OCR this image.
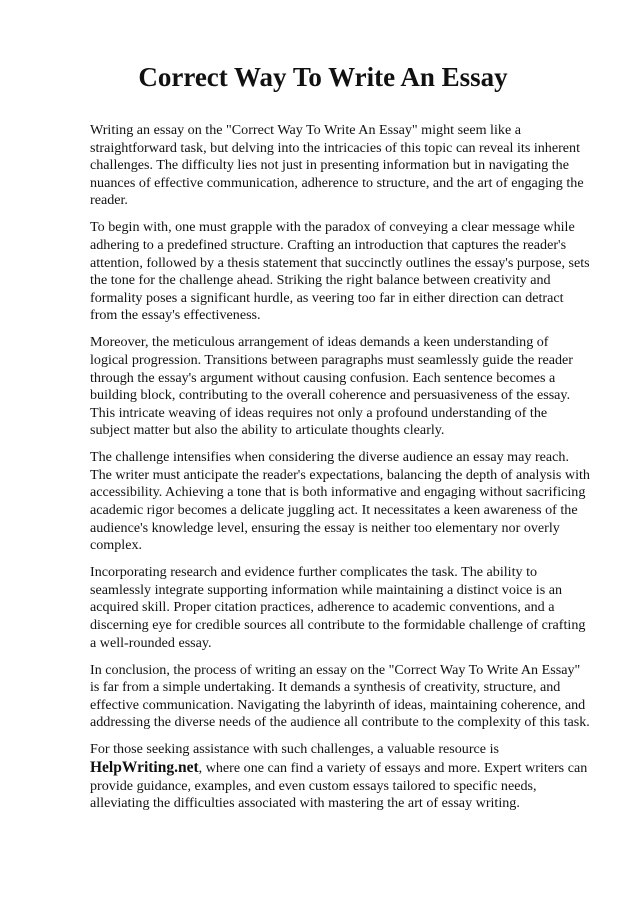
Correct Way To Write An Essay

Writing an essay on the "Correct Way To Write An Essay" might seem like a straightforward task, but delving into the intricacies of this topic can reveal its inherent challenges. The difficulty lies not just in presenting information but in navigating the nuances of effective communication, adherence to structure, and the art of engaging the reader.

To begin with, one must grapple with the paradox of conveying a clear message while adhering to a predefined structure. Crafting an introduction that captures the reader's attention, followed by a thesis statement that succinctly outlines the essay's purpose, sets the tone for the challenge ahead. Striking the right balance between creativity and formality poses a significant hurdle, as veering too far in either direction can detract from the essay's effectiveness.

Moreover, the meticulous arrangement of ideas demands a keen understanding of logical progression. Transitions between paragraphs must seamlessly guide the reader through the essay's argument without causing confusion. Each sentence becomes a building block, contributing to the overall coherence and persuasiveness of the essay. This intricate weaving of ideas requires not only a profound understanding of the subject matter but also the ability to articulate thoughts clearly.

The challenge intensifies when considering the diverse audience an essay may reach. The writer must anticipate the reader's expectations, balancing the depth of analysis with accessibility. Achieving a tone that is both informative and engaging without sacrificing academic rigor becomes a delicate juggling act. It necessitates a keen awareness of the audience's knowledge level, ensuring the essay is neither too elementary nor overly complex.

Incorporating research and evidence further complicates the task. The ability to seamlessly integrate supporting information while maintaining a distinct voice is an acquired skill. Proper citation practices, adherence to academic conventions, and a discerning eye for credible sources all contribute to the formidable challenge of crafting a well-rounded essay.

In conclusion, the process of writing an essay on the "Correct Way To Write An Essay" is far from a simple undertaking. It demands a synthesis of creativity, structure, and effective communication. Navigating the labyrinth of ideas, maintaining coherence, and addressing the diverse needs of the audience all contribute to the complexity of this task.

For those seeking assistance with such challenges, a valuable resource is HelpWriting.net, where one can find a variety of essays and more. Expert writers can provide guidance, examples, and even custom essays tailored to specific needs, alleviating the difficulties associated with mastering the art of essay writing.
